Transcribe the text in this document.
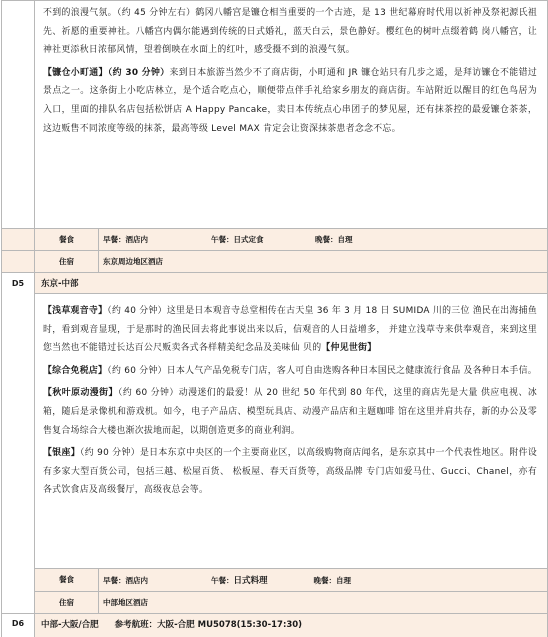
	不到的浪漫气氛。（约 45 分钟左右）鹤冈八幡宫是镰仓相当重要的一个古迹，是 13 世纪幕府时代用以祈神及祭祀源氏祖先、祈愿的重要神社。八幡宫内偶尔能遇到传统的日式婚礼，蓝天白云，景色静好。樱红色的树叶点缀着鹤 岗八幡宫，让神社更添秋日浓郁风情，望着倒映在水面上的红叶，感受摄不到的浪漫气氛。

【镰仓小町通】（约 30 分钟）来到日本旅游当然少不了商店街，小町通和 JR 镰仓站只有几步之遥，是拜访镰仓不能错过景点之一。这条街上小吃店林立，是个适合吃点心，顺便带点伴手礼给家乡朋友的商店街。车站附近以醒目的红色鸟居为入口，里面的排队名店包括松饼店 A Happy Pancake，卖日本传统点心串团子的梦见屋，还有抹茶控的最爱镰仓茶茶，这边贩售不同浓度等级的抹茶，最高等级 Level MAX 肯定会让资深抹茶患者念念不忘。	

	餐食	早餐：酒店内 午餐：日式定食 晚餐：自理
	住宿	东京周边地区酒店
D5	东京-中部	

	【浅草观音寺】（约 40 分钟）这里是日本观音寺总堂相传在古天皇 36 年 3 月 18 日 SUMIDA 川的三位 渔民在出海捕鱼时，看到观音显现，于是那时的渔民回去将此事说出来以后，信观音的人日益增多， 并建立浅草寺来供奉观音，来到这里您当然也不能错过长达百公尺贩卖各式各样精美纪念品及美味仙 贝的【仲见世街】

【综合免税店】（约 60 分钟）日本人气产品免税专门店，客人可自由选购各种日本国民之健康流行食品 及各种日本手信。

【秋叶原动漫街】（约 60 分钟）动漫迷们的最爱！从 20 世纪 50 年代到 80 年代，这里的商店先是大量 供应电视、冰箱，随后是录像机和游戏机。如今，电子产品店、模型玩具店、动漫产品店和主题咖啡 馆在这里并肩共存，新的办公及零售复合场综合大楼也渐次拔地而起，以期创造更多的商业利润。

【银座】（约 90 分钟）是日本东京中央区的一个主要商业区，以高级购物商店闻名，是东京其中一个代表性地区。附件设有多家大型百货公司，包括三越、松屋百货、 松板屋、春天百货等，高级品牌 专门店如爱马仕、Gucci、Chanel，亦有各式饮食店及高级餐厅，高级夜总会等。	

	餐食	早餐：酒店内 午餐：日式料理 晚餐：自理
	住宿	中部地区酒店
D6	中部-大阪/合肥 参考航班：大阪-合肥 MU5078(15:30-17:30)	
